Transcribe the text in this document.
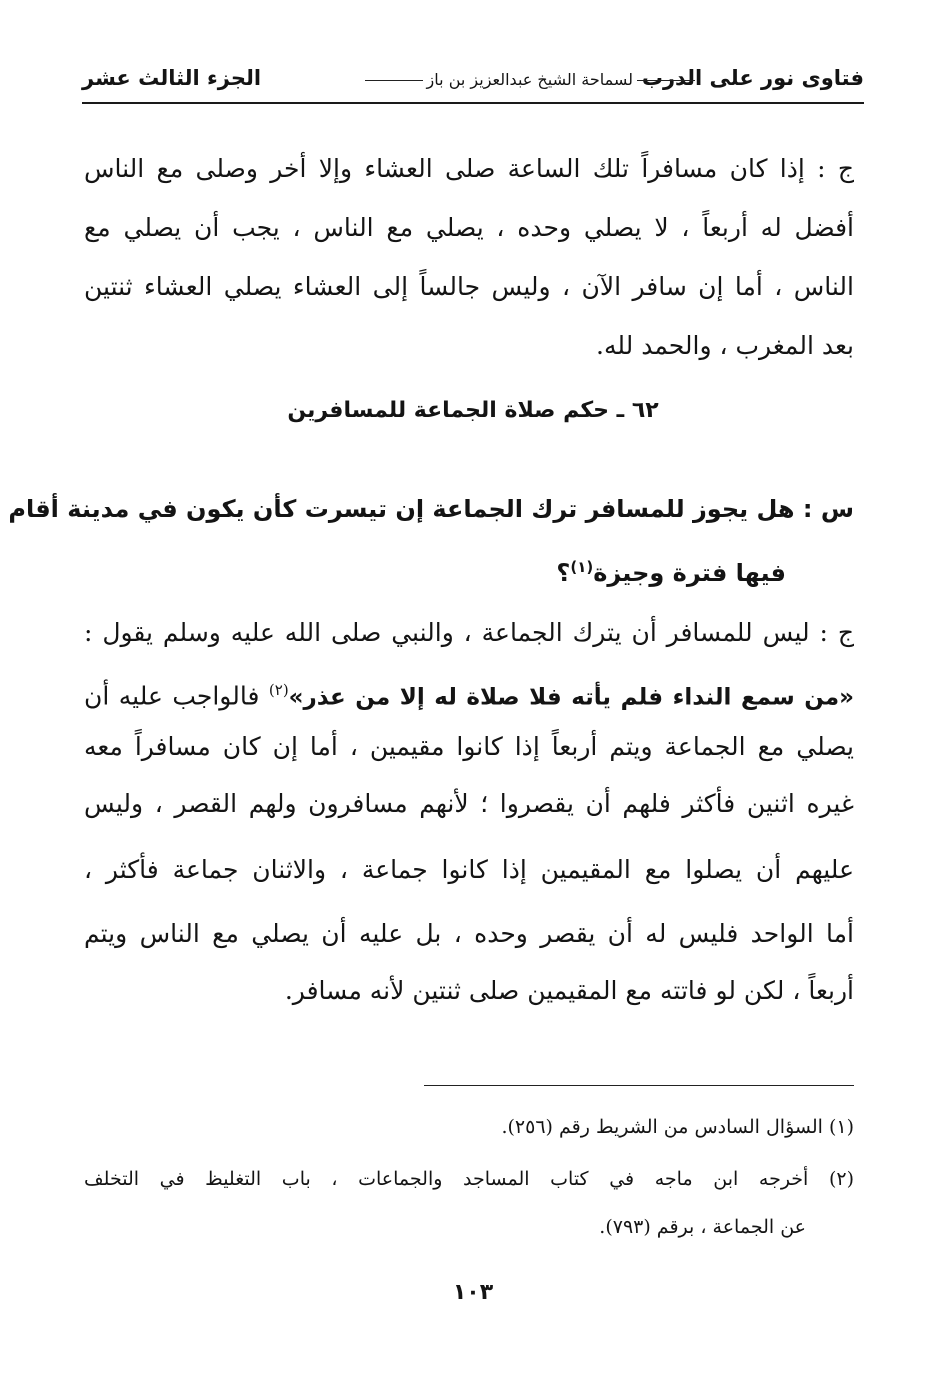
فتاوى نور على الدرب
لسماحة الشيخ عبدالعزيز بن باز
الجزء الثالث عشر
ج : إذا كان مسافراً تلك الساعة صلى العشاء وإلا أخر وصلى مع الناس
أفضل له أربعاً ، لا يصلي وحده ، يصلي مع الناس ، يجب أن يصلي مع
الناس ، أما إن سافر الآن ، وليس جالساً إلى العشاء يصلي العشاء ثنتين
بعد المغرب ، والحمد لله.
٦٢ ـ حكم صلاة الجماعة للمسافرين
س : هل يجوز للمسافر ترك الجماعة إن تيسرت كأن يكون في مدينة أقام
فيها فترة وجيزة$^{(١)}$؟
ج : ليس للمسافر أن يترك الجماعة ، والنبي صلى الله عليه وسلم يقول :
«من سمع النداء فلم يأته فلا صلاة له إلا من عذر»$^{(٢)}$ فالواجب عليه أن
يصلي مع الجماعة ويتم أربعاً إذا كانوا مقيمين ، أما إن كان مسافراً معه
غيره اثنين فأكثر فلهم أن يقصروا ؛ لأنهم مسافرون ولهم القصر ، وليس
عليهم أن يصلوا مع المقيمين إذا كانوا جماعة ، والاثنان جماعة فأكثر ،
أما الواحد فليس له أن يقصر وحده ، بل عليه أن يصلي مع الناس ويتم
أربعاً ، لكن لو فاتته مع المقيمين صلى ثنتين لأنه مسافر.
(١) السؤال السادس من الشريط رقم (٢٥٦).
(٢) أخرجه ابن ماجه في كتاب المساجد والجماعات ، باب التغليظ في التخلف
عن الجماعة ، برقم (٧٩٣).
١٠٣
